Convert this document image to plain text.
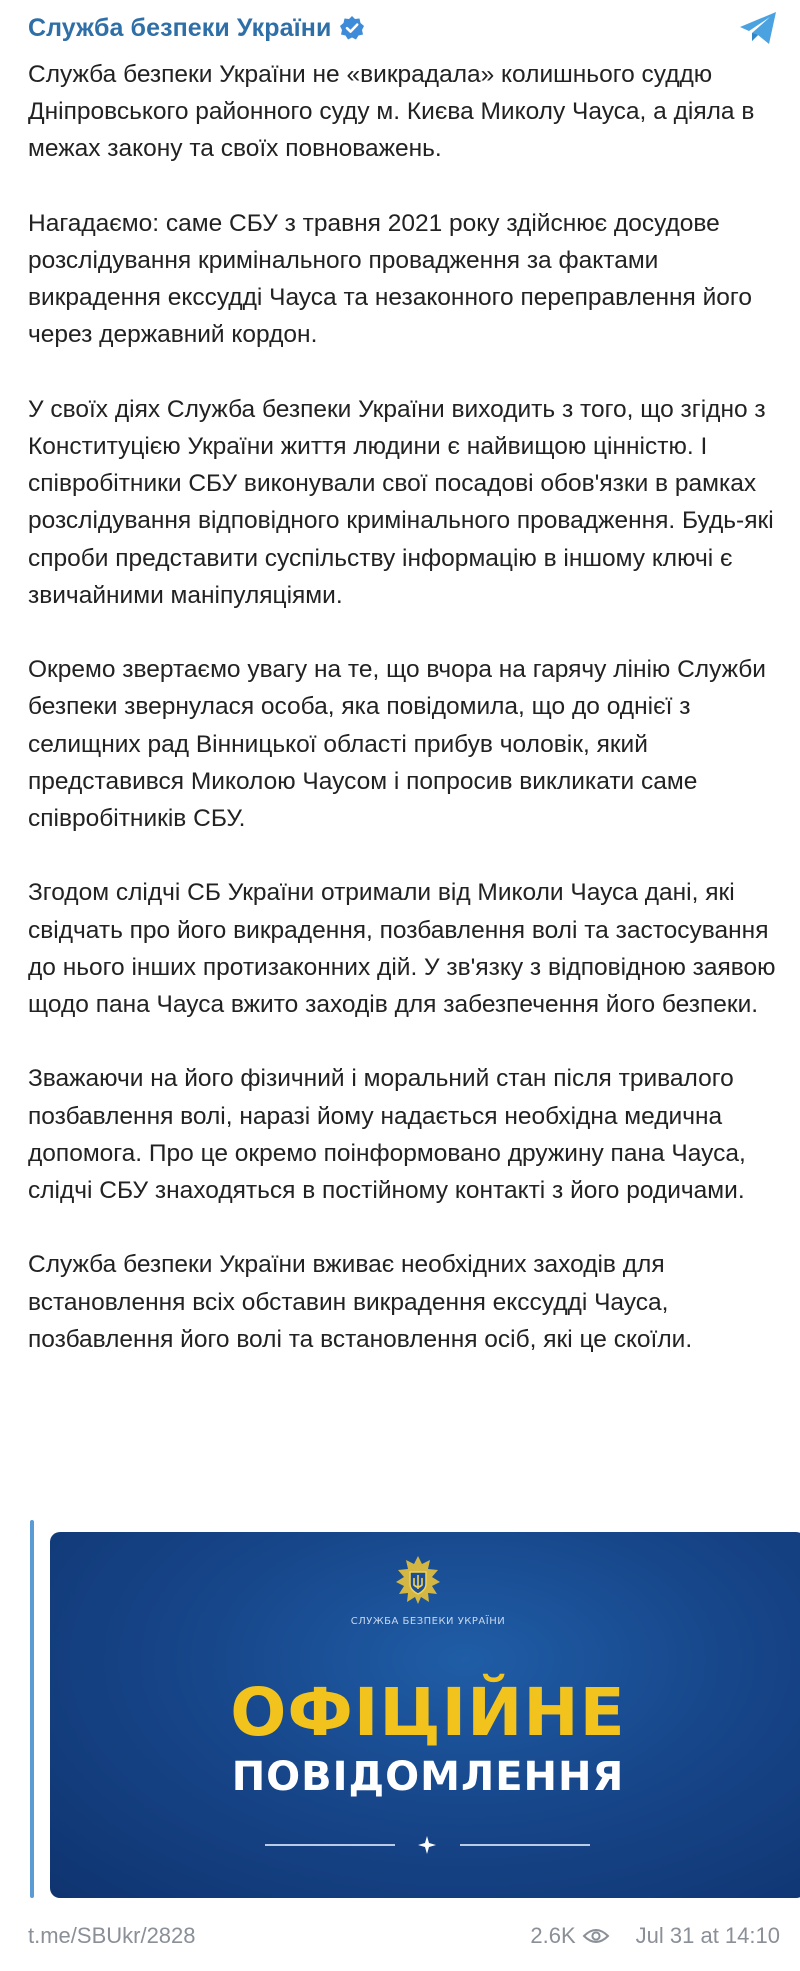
Служба безпеки України

Служба безпеки України не «викрадала» колишнього суддю Дніпровського районного суду м. Києва Миколу Чауса, а діяла в межах закону та своїх повноважень.

Нагадаємо: саме СБУ з травня 2021 року здійснює досудове розслідування кримінального провадження за фактами викрадення екссудді Чауса та незаконного переправлення його через державний кордон.

У своїх діях Служба безпеки України виходить з того, що згідно з Конституцією України життя людини є найвищою цінністю. І співробітники СБУ виконували свої посадові обов'язки в рамках розслідування відповідного кримінального провадження. Будь-які спроби представити суспільству інформацію в іншому ключі є звичайними маніпуляціями.

Окремо звертаємо увагу на те, що вчора на гарячу лінію Служби безпеки звернулася особа, яка повідомила, що до однієї з селищних рад Вінницької області прибув чоловік, який представився Миколою Чаусом і попросив викликати саме співробітників СБУ.

Згодом слідчі СБ України отримали від Миколи Чауса дані, які свідчать про його викрадення, позбавлення волі та застосування до нього інших протизаконних дій. У зв'язку з відповідною заявою щодо пана Чауса вжито заходів для забезпечення його безпеки.

Зважаючи на його фізичний і моральний стан після тривалого позбавлення волі, наразі йому надається необхідна медична допомога. Про це окремо поінформовано дружину пана Чауса, слідчі СБУ знаходяться в постійному контакті з його родичами.

Служба безпеки України вживає необхідних заходів для встановлення всіх обставин викрадення екссудді Чауса, позбавлення його волі та встановлення осіб, які це скоїли.

СЛУЖБА БЕЗПЕКИ УКРАЇНИ
ОФІЦІЙНЕ
ПОВІДОМЛЕННЯ
t.me/SBUkr/2828	2.6K	Jul 31 at 14:10
